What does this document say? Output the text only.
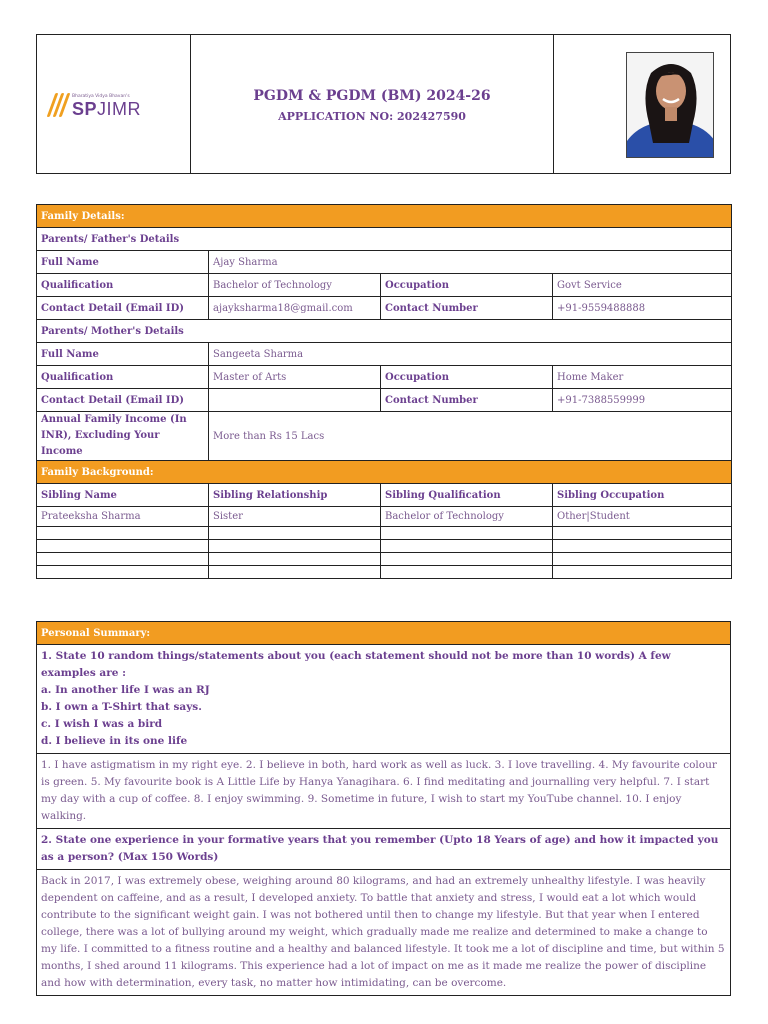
Bharatiya Vidya Bhavan's
SPJIMR
PGDM & PGDM (BM) 2024-26
APPLICATION NO: 202427590
Family Details:			
Parents/ Father's Details			
Full Name	Ajay Sharma		
Qualification	Bachelor of Technology	Occupation	Govt Service
Contact Detail (Email ID)	ajayksharma18@gmail.com	Contact Number	+91-9559488888
Parents/ Mother's Details			
Full Name	Sangeeta Sharma		
Qualification	Master of Arts	Occupation	Home Maker
Contact Detail (Email ID)		Contact Number	+91-7388559999
Annual Family Income (In INR), Excluding Your Income	More than Rs 15 Lacs		
Family Background:			
Sibling Name	Sibling Relationship	Sibling Qualification	Sibling Occupation
Prateeksha Sharma	Sister	Bachelor of Technology	Other|Student

Personal Summary:

1. State 10 random things/statements about you (each statement should not be more than 10 words) A few examples are :
a. In another life I was an RJ
b. I own a T-Shirt that says.
c. I wish I was a bird
d. I believe in its one life

1. I have astigmatism in my right eye. 2. I believe in both, hard work as well as luck. 3. I love travelling. 4. My favourite colour is green. 5. My favourite book is A Little Life by Hanya Yanagihara. 6. I find meditating and journalling very helpful. 7. I start my day with a cup of coffee. 8. I enjoy swimming. 9. Sometime in future, I wish to start my YouTube channel. 10. I enjoy walking.
2. State one experience in your formative years that you remember (Upto 18 Years of age) and how it impacted you as a person? (Max 150 Words)
Back in 2017, I was extremely obese, weighing around 80 kilograms, and had an extremely unhealthy lifestyle. I was heavily dependent on caffeine, and as a result, I developed anxiety. To battle that anxiety and stress, I would eat a lot which would contribute to the significant weight gain. I was not bothered until then to change my lifestyle. But that year when I entered college, there was a lot of bullying around my weight, which gradually made me realize and determined to make a change to my life. I committed to a fitness routine and a healthy and balanced lifestyle. It took me a lot of discipline and time, but within 5 months, I shed around 11 kilograms. This experience had a lot of impact on me as it made me realize the power of discipline and how with determination, every task, no matter how intimidating, can be overcome.
